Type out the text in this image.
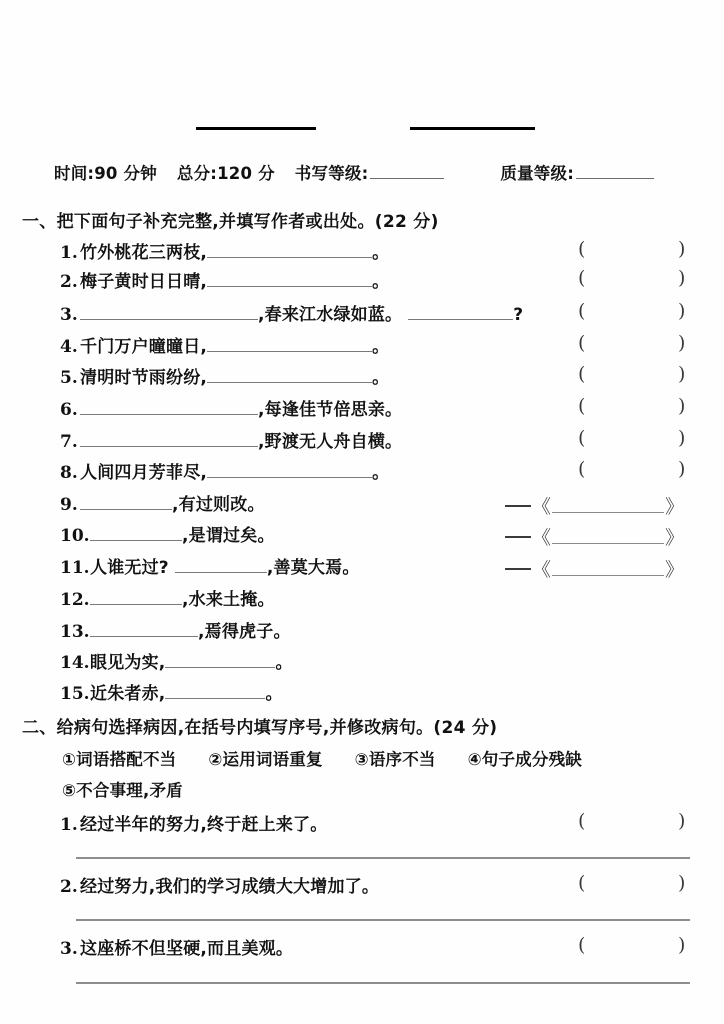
时间:90 分钟 总分:120 分 书写等级:	质量等级:
一、把下面句子补充完整,并填写作者或出处。(22 分)
1. 竹外桃花三两枝,	。	(	)
2. 梅子黄时日日晴,	。	(	)
3.	,春来江水绿如蓝。	?	(	)
4. 千门万户曈曈日,	。	(	)
5. 清明时节雨纷纷,	。	(	)
6.	,每逢佳节倍思亲。	(	)
7.	,野渡无人舟自横。	(	)
8. 人间四月芳菲尽,	。	(	)
9.	,有过则改。	《	》
10.	,是谓过矣。	《	》
11. 人谁无过?	,善莫大焉。	《	》
12.	,水来土掩。
13.	,焉得虎子。
14. 眼见为实,	。
15. 近朱者赤,	。
二、给病句选择病因,在括号内填写序号,并修改病句。(24 分)
①词语搭配不当 ②运用词语重复 ③语序不当 ④句子成分残缺
⑤不合事理,矛盾
1. 经过半年的努力,终于赶上来了。	(	)
2. 经过努力,我们的学习成绩大大增加了。	(	)
3. 这座桥不但坚硬,而且美观。	(	)
